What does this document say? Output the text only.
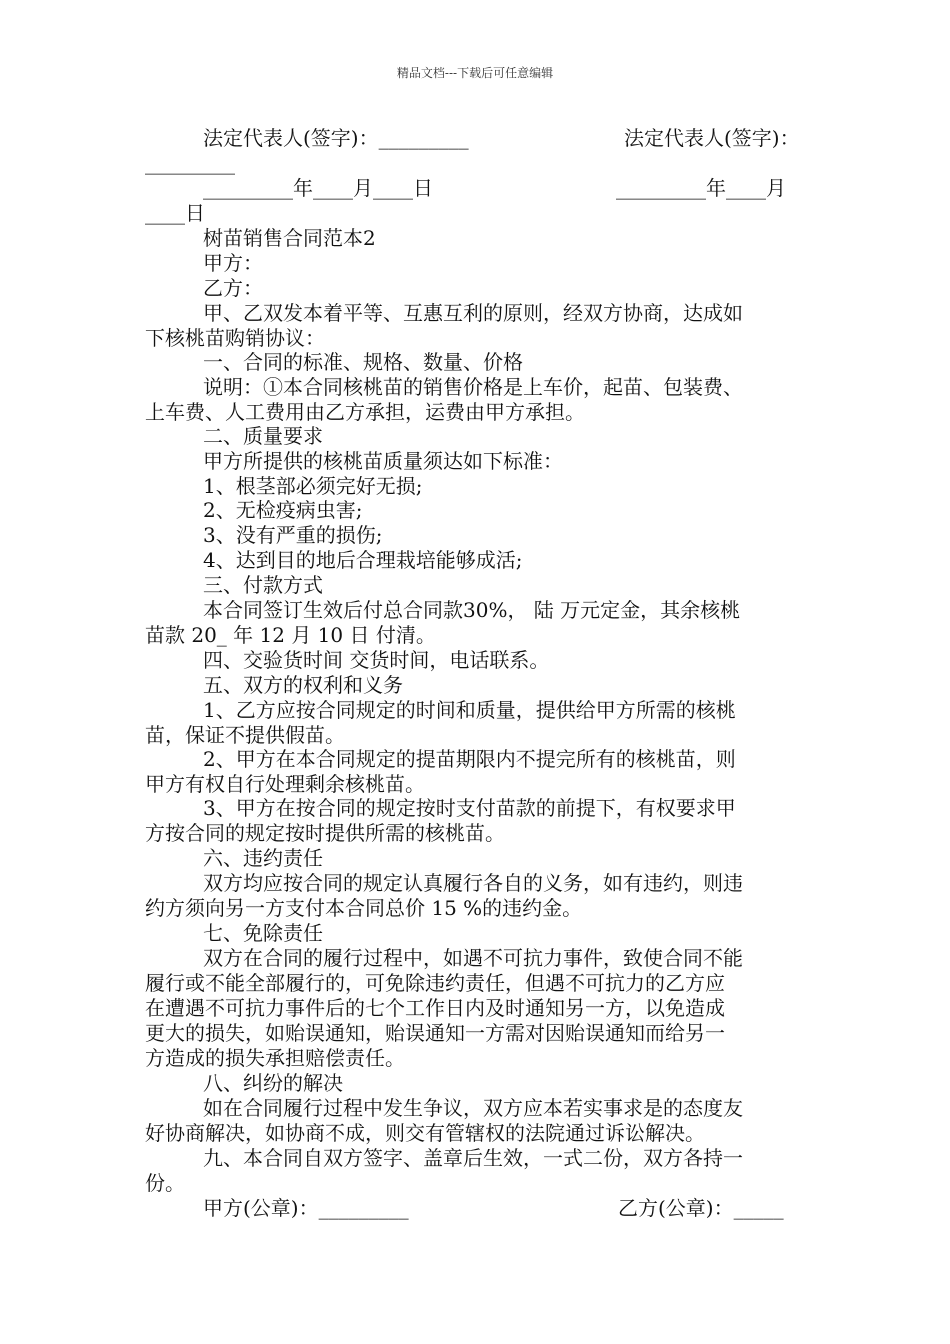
精品文档---下载后可任意编辑
法定代表人(签字)：_________	法定代表人(签字)：
_________
_________年____月____日	_________年____月
____日
树苗销售合同范本2
甲方：
乙方：
甲、乙双发本着平等、互惠互利的原则，经双方协商，达成如
下核桃苗购销协议：
一、合同的标准、规格、数量、价格
说明：①本合同核桃苗的销售价格是上车价，起苗、包装费、
上车费、人工费用由乙方承担，运费由甲方承担。
二、质量要求
甲方所提供的核桃苗质量须达如下标准：
1、根茎部必须完好无损;
2、无检疫病虫害;
3、没有严重的损伤;
4、达到目的地后合理栽培能够成活;
三、付款方式
本合同签订生效后付总合同款30%， 陆 万元定金，其余核桃
苗款 20_ 年 12 月 10 日 付清。
四、交验货时间 交货时间，电话联系。
五、双方的权利和义务
1、乙方应按合同规定的时间和质量，提供给甲方所需的核桃
苗，保证不提供假苗。
2、甲方在本合同规定的提苗期限内不提完所有的核桃苗，则
甲方有权自行处理剩余核桃苗。
3、甲方在按合同的规定按时支付苗款的前提下，有权要求甲
方按合同的规定按时提供所需的核桃苗。
六、违约责任
双方均应按合同的规定认真履行各自的义务，如有违约，则违
约方须向另一方支付本合同总价 15 %的违约金。
七、免除责任
双方在合同的履行过程中，如遇不可抗力事件，致使合同不能
履行或不能全部履行的，可免除违约责任，但遇不可抗力的乙方应
在遭遇不可抗力事件后的七个工作日内及时通知另一方，以免造成
更大的损失，如贻误通知，贻误通知一方需对因贻误通知而给另一
方造成的损失承担赔偿责任。
八、纠纷的解决
如在合同履行过程中发生争议，双方应本若实事求是的态度友
好协商解决，如协商不成，则交有管辖权的法院通过诉讼解决。
九、本合同自双方签字、盖章后生效，一式二份，双方各持一
份。
甲方(公章)：_________	乙方(公章)：_____
